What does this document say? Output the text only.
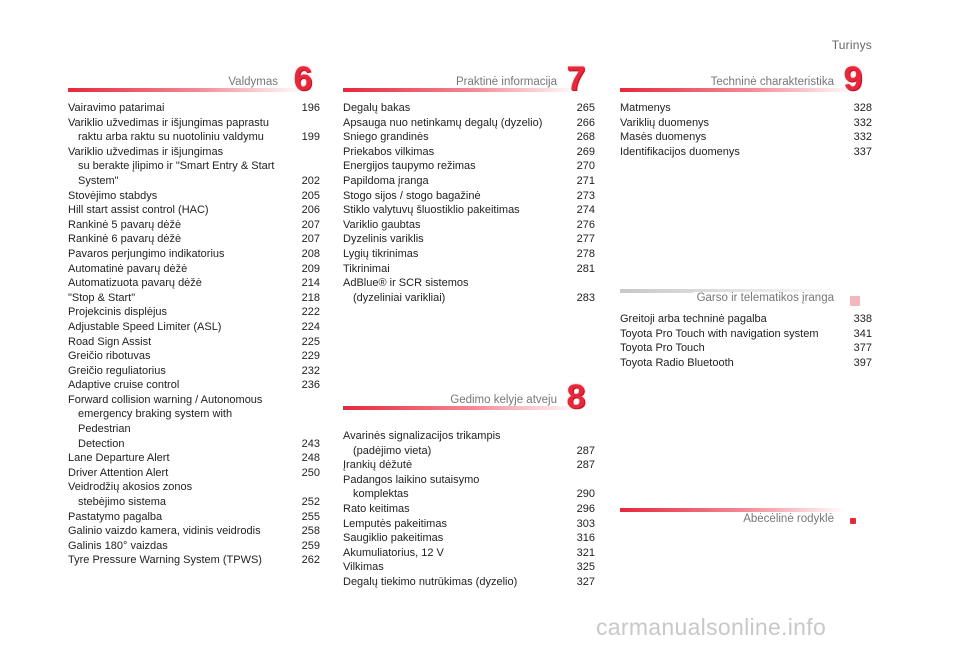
Turinys
Valdymas 6
Vairavimo patarimai	196
Variklio užvedimas ir išjungimas paprastu
raktu arba raktu su nuotoliniu valdymu	199
Variklio užvedimas ir išjungimas
su berakte įlipimo ir "Smart Entry & Start
System"	202
Stovėjimo stabdys	205
Hill start assist control (HAC)	206
Rankinė 5 pavarų dėžė	207
Rankinė 6 pavarų dėžė	207
Pavaros perjungimo indikatorius	208
Automatinė pavarų dėžė	209
Automatizuota pavarų dėžė	214
"Stop & Start"	218
Projekcinis displėjus	222
Adjustable Speed Limiter (ASL)	224
Road Sign Assist	225
Greičio ribotuvas	229
Greičio reguliatorius	232
Adaptive cruise control	236
Forward collision warning / Autonomous
emergency braking system with Pedestrian
Detection	243
Lane Departure Alert	248
Driver Attention Alert	250
Veidrodžių akosios zonos
stebėjimo sistema	252
Pastatymo pagalba	255
Galinio vaizdo kamera, vidinis veidrodis	258
Galinis 180° vaizdas	259
Tyre Pressure Warning System (TPWS)	262
Praktinė informacija 7
Degalų bakas	265
Apsauga nuo netinkamų degalų (dyzelio)	266
Sniego grandinės	268
Priekabos vilkimas	269
Energijos taupymo režimas	270
Papildoma įranga	271
Stogo sijos / stogo bagažinė	273
Stiklo valytuvų šluostiklio pakeitimas	274
Variklio gaubtas	276
Dyzelinis variklis	277
Lygių tikrinimas	278
Tikrinimai	281
AdBlue® ir SCR sistemos
(dyzeliniai varikliai)	283
Gedimo kelyje atveju 8
Avarinės signalizacijos trikampis
(padėjimo vieta)	287
Įrankių dėžutė	287
Padangos laikino sutaisymo
komplektas	290
Rato keitimas	296
Lemputės pakeitimas	303
Saugiklio pakeitimas	316
Akumuliatorius, 12 V	321
Vilkimas	325
Degalų tiekimo nutrūkimas (dyzelio)	327
Techninė charakteristika 9
Matmenys	328
Variklių duomenys	332
Masės duomenys	332
Identifikacijos duomenys	337
Garso ir telematikos įranga
Greitoji arba techninė pagalba	338
Toyota Pro Touch with navigation system	341
Toyota Pro Touch	377
Toyota Radio Bluetooth	397
Abėcėlinė rodyklė
carmanualsonline.info
